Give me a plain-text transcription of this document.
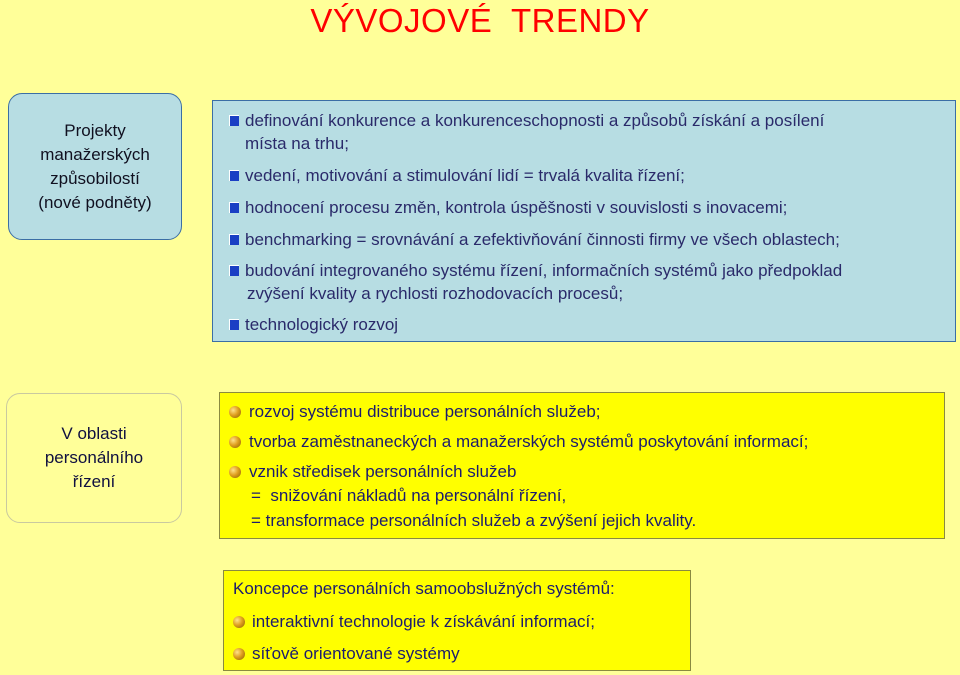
VÝVOJOVÉ  TRENDY
Projekty
manažerských
způsobilostí
(nové podněty)
definování konkurence a konkurenceschopnosti a způsobů získání a posílení
místa na trhu;
vedení, motivování a stimulování lidí = trvalá kvalita řízení;
hodnocení procesu změn, kontrola úspěšnosti v souvislosti s inovacemi;
benchmarking = srovnávání a zefektivňování činnosti firmy ve všech oblastech;
budování integrovaného systému řízení, informačních systémů jako předpoklad
zvýšení kvality a rychlosti rozhodovacích procesů;
technologický rozvoj
V oblasti
personálního
řízení
rozvoj systému distribuce personálních služeb;
tvorba zaměstnaneckých a manažerských systémů poskytování informací;
vznik středisek personálních služeb
=  snižování nákladů na personální řízení,
= transformace personálních služeb a zvýšení jejich kvality.
Koncepce personálních samoobslužných systémů:
interaktivní technologie k získávání informací;
síťově orientované systémy
